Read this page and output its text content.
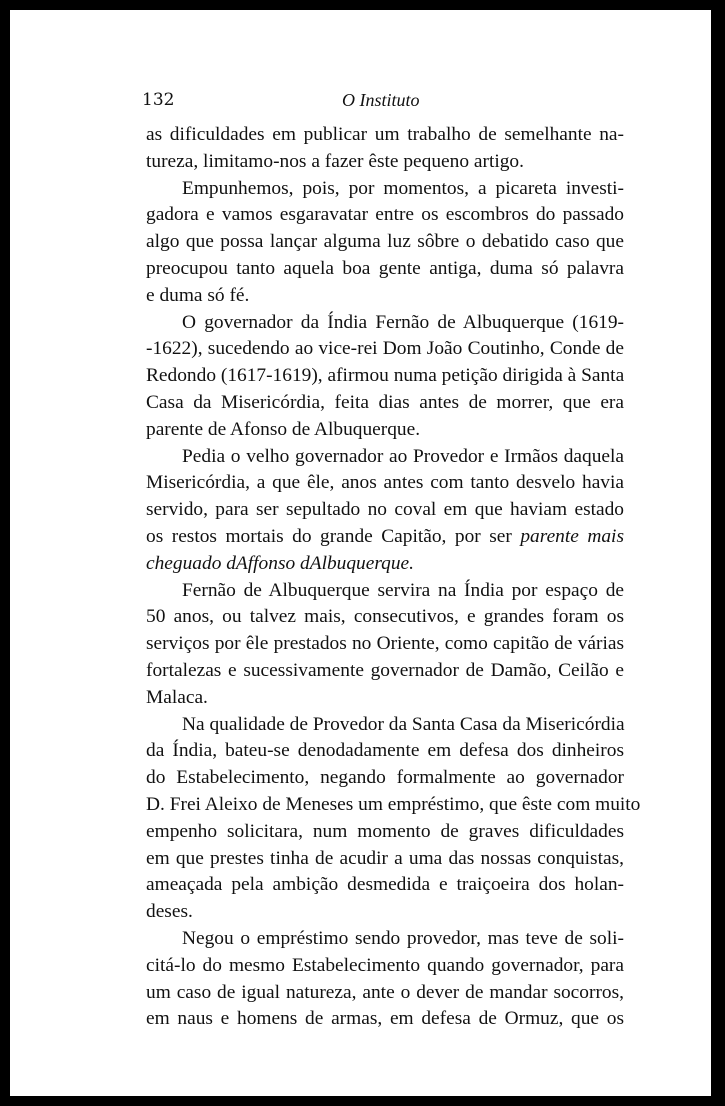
132	O Instituto

as dificuldades em publicar um trabalho de semelhante na-
tureza, limitamo-nos a fazer êste pequeno artigo.

Empunhemos, pois, por momentos, a picareta investi-
gadora e vamos esgaravatar entre os escombros do passado
algo que possa lançar alguma luz sôbre o debatido caso que
preocupou tanto aquela boa gente antiga, duma só palavra
e duma só fé.

O governador da Índia Fernão de Albuquerque (1619-
-1622), sucedendo ao vice-rei Dom João Coutinho, Conde de
Redondo (1617-1619), afirmou numa petição dirigida à Santa
Casa da Misericórdia, feita dias antes de morrer, que era
parente de Afonso de Albuquerque.

Pedia o velho governador ao Provedor e Irmãos daquela
Misericórdia, a que êle, anos antes com tanto desvelo havia
servido, para ser sepultado no coval em que haviam estado
os restos mortais do grande Capitão, por ser parente mais
cheguado dAffonso dAlbuquerque.

Fernão de Albuquerque servira na Índia por espaço de
50 anos, ou talvez mais, consecutivos, e grandes foram os
serviços por êle prestados no Oriente, como capitão de várias
fortalezas e sucessivamente governador de Damão, Ceilão e
Malaca.

Na qualidade de Provedor da Santa Casa da Misericórdia
da Índia, bateu-se denodadamente em defesa dos dinheiros
do Estabelecimento, negando formalmente ao governador
D. Frei Aleixo de Meneses um empréstimo, que êste com muito
empenho solicitara, num momento de graves dificuldades
em que prestes tinha de acudir a uma das nossas conquistas,
ameaçada pela ambição desmedida e traiçoeira dos holan-
deses.

Negou o empréstimo sendo provedor, mas teve de soli-
citá-lo do mesmo Estabelecimento quando governador, para
um caso de igual natureza, ante o dever de mandar socorros,
em naus e homens de armas, em defesa de Ormuz, que os
